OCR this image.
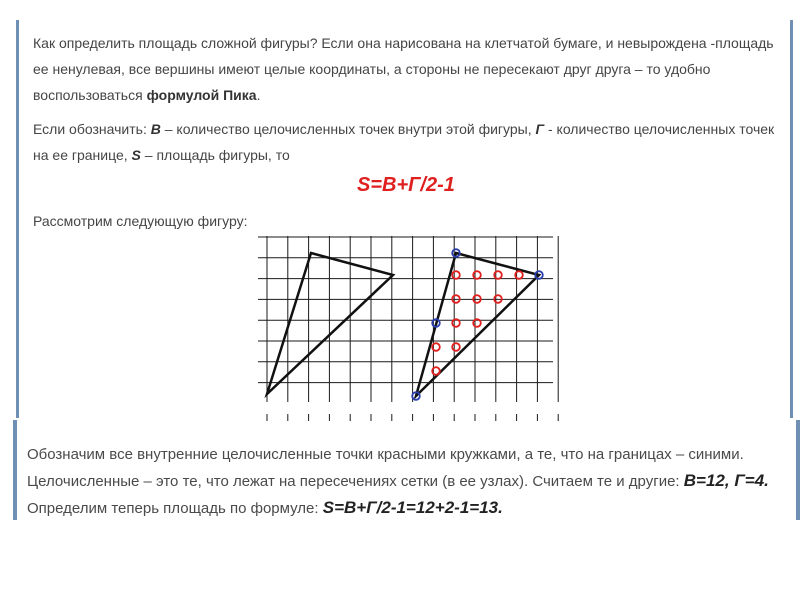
Как определить площадь сложной фигуры? Если она нарисована на клетчатой бумаге, и невырождена -площадь
ее ненулевая, все вершины имеют целые координаты, а стороны не пересекают друг друга – то удобно
воспользоваться формулой Пика.
Если обозначить: В – количество целочисленных точек внутри этой фигуры, Г - количество целочисленных точек
на ее границе, S – площадь фигуры, то
S=В+Г/2-1
Рассмотрим следующую фигуру:
Обозначим все внутренние целочисленные точки красными кружками, а те, что на границах – синими.
Целочисленные – это те, что лежат на пересечениях сетки (в ее узлах). Считаем те и другие: В=12, Г=4.
Определим теперь площадь по формуле: S=В+Г/2-1=12+2-1=13.
